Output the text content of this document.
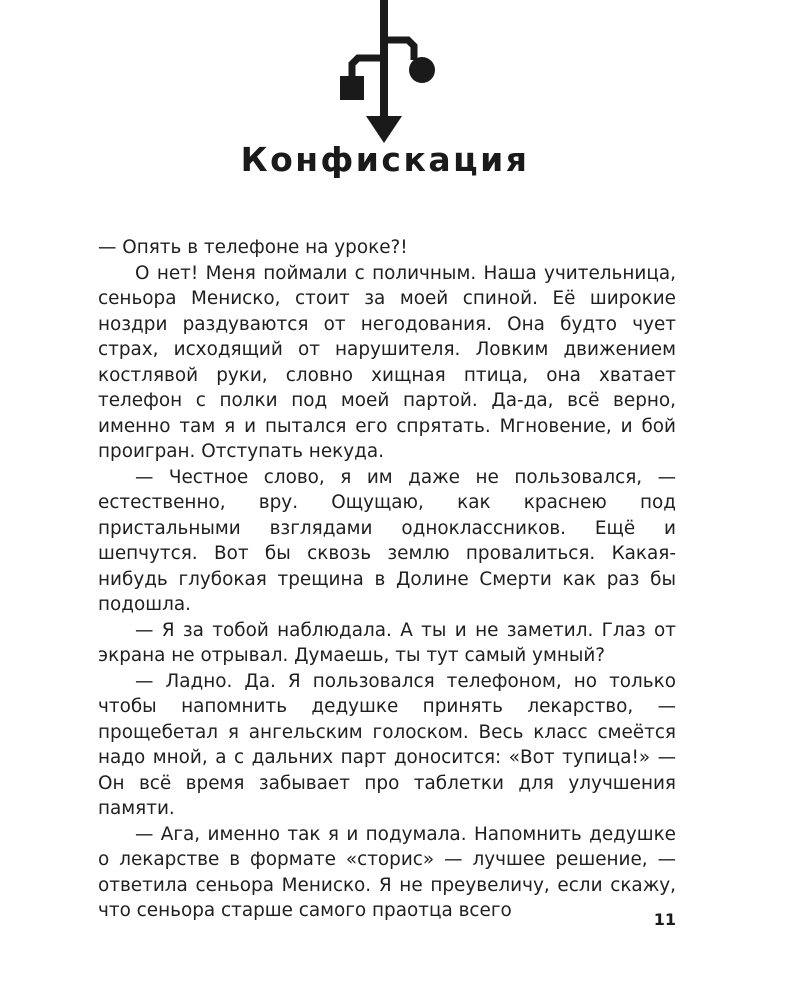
Конфискация

— Опять в телефоне на уроке?!

О нет! Меня поймали с поличным. Наша учительница, сеньора Мениско, стоит за моей спиной. Её широкие ноздри раздуваются от негодования. Она будто чует страх, исходящий от нарушителя. Ловким движением костлявой руки, словно хищная птица, она хватает телефон с полки под моей партой. Да-да, всё верно, именно там я и пытался его спрятать. Мгновение, и бой проигран. Отступать некуда.

— Честное слово, я им даже не пользовался, — естественно, вру. Ощущаю, как краснею под пристальными взглядами одноклассников. Ещё и шепчутся. Вот бы сквозь землю провалиться. Какая-нибудь глубокая трещина в Долине Смерти как раз бы подошла.

— Я за тобой наблюдала. А ты и не заметил. Глаз от экрана не отрывал. Думаешь, ты тут самый умный?

— Ладно. Да. Я пользовался телефоном, но только чтобы напомнить дедушке принять лекарство, — прощебетал я ангельским голоском. Весь класс смеётся надо мной, а с дальних парт доносится: «Вот тупица!» — Он всё время забывает про таблетки для улучшения памяти.

— Ага, именно так я и подумала. Напомнить дедушке о лекарстве в формате «сторис» — лучшее решение, — ответила сеньора Мениско. Я не преувеличу, если скажу, что сеньора старше самого праотца всего	11
